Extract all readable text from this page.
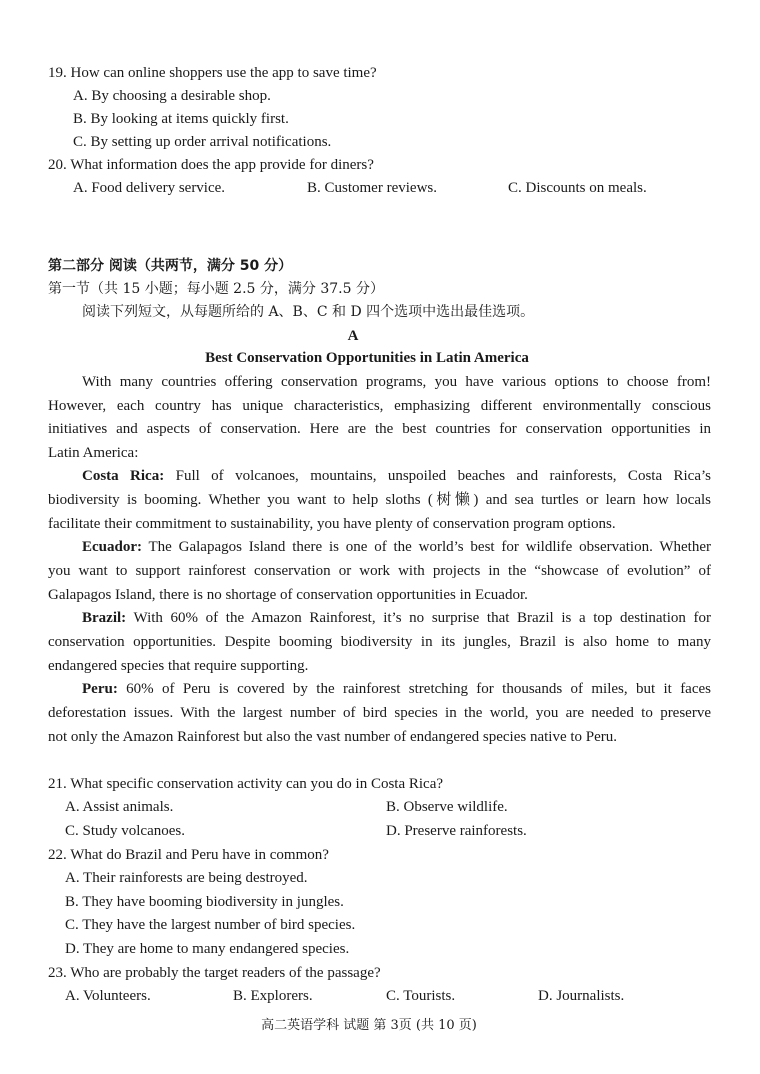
19. How can online shoppers use the app to save time?
A. By choosing a desirable shop.
B. By looking at items quickly first.
C. By setting up order arrival notifications.
20. What information does the app provide for diners?
A. Food delivery service.	B. Customer reviews.	C. Discounts on meals.
第二部分 阅读（共两节，满分 50 分）
第一节（共 15 小题；每小题 2.5 分，满分 37.5 分）
阅读下列短文，从每题所给的 A、B、C 和 D 四个选项中选出最佳选项。
A
Best Conservation Opportunities in Latin America
With many countries offering conservation programs, you have various options to choose from!
However, each country has unique characteristics, emphasizing different environmentally conscious
initiatives and aspects of conservation. Here are the best countries for conservation opportunities in
Latin America:
Costa Rica: Full of volcanoes, mountains, unspoiled beaches and rainforests, Costa Rica’s
biodiversity is booming. Whether you want to help sloths (树懒) and sea turtles or learn how locals
facilitate their commitment to sustainability, you have plenty of conservation program options.
Ecuador: The Galapagos Island there is one of the world’s best for wildlife observation. Whether
you want to support rainforest conservation or work with projects in the “showcase of evolution” of
Galapagos Island, there is no shortage of conservation opportunities in Ecuador.
Brazil: With 60% of the Amazon Rainforest, it’s no surprise that Brazil is a top destination for
conservation opportunities. Despite booming biodiversity in its jungles, Brazil is also home to many
endangered species that require supporting.
Peru: 60% of Peru is covered by the rainforest stretching for thousands of miles, but it faces
deforestation issues. With the largest number of bird species in the world, you are needed to preserve
not only the Amazon Rainforest but also the vast number of endangered species native to Peru.
21. What specific conservation activity can you do in Costa Rica?
A. Assist animals.	B. Observe wildlife.
C. Study volcanoes.	D. Preserve rainforests.
22. What do Brazil and Peru have in common?
A. Their rainforests are being destroyed.
B. They have booming biodiversity in jungles.
C. They have the largest number of bird species.
D. They are home to many endangered species.
23. Who are probably the target readers of the passage?
A. Volunteers.	B. Explorers.	C. Tourists.	D. Journalists.
高二英语学科 试题 第 3页 (共 10 页)
